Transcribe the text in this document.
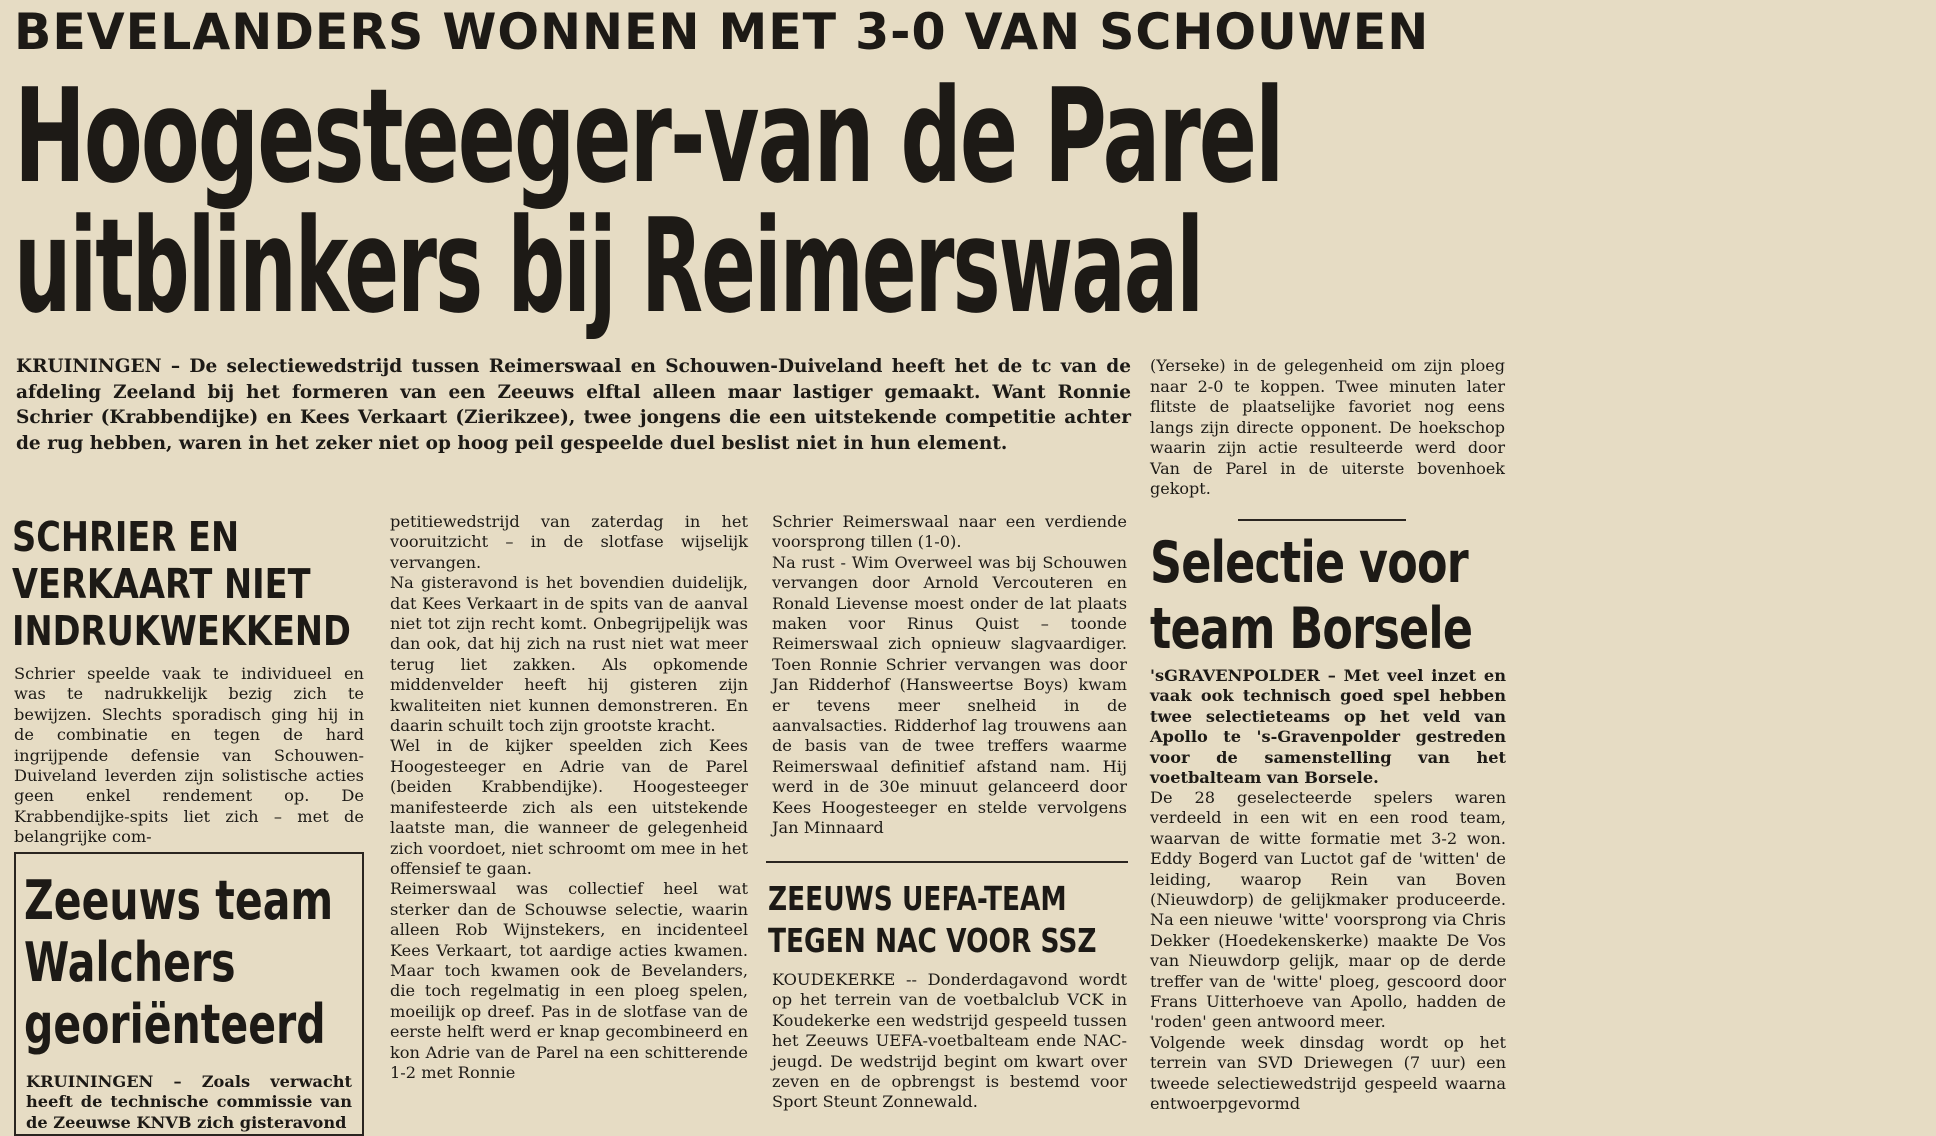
BEVELANDERS WONNEN MET 3-0 VAN SCHOUWEN
Hoogesteeger-van de Parel
uitblinkers bij Reimerswaal
KRUININGEN – De selectiewedstrijd tussen Reimerswaal en Schouwen-Duiveland heeft het de tc van de afdeling Zeeland bij het formeren van een Zeeuws elftal alleen maar lastiger gemaakt. Want Ronnie Schrier (Krabbendijke) en Kees Verkaart (Zierikzee), twee jongens die een uitstekende competitie achter de rug hebben, waren in het zeker niet op hoog peil gespeelde duel beslist niet in hun element.
(Yerseke) in de gelegenheid om zijn ploeg naar 2-0 te koppen. Twee minuten later flitste de plaatselijke favoriet nog eens langs zijn directe opponent. De hoekschop waarin zijn actie resulteerde werd door Van de Parel in de uiterste bovenhoek gekopt.
SCHRIER EN VERKAART NIET INDRUKWEKKEND
Schrier speelde vaak te individueel en was te nadrukkelijk bezig zich te bewijzen. Slechts sporadisch ging hij in de combinatie en tegen de hard ingrijpende defensie van Schouwen-Duiveland leverden zijn solistische acties geen enkel rendement op. De Krabbendijke-spits liet zich – met de belangrijke com-

petitiewedstrijd van zaterdag in het vooruitzicht – in de slotfase wijselijk vervangen.

Na gisteravond is het bovendien duidelijk, dat Kees Verkaart in de spits van de aanval niet tot zijn recht komt. Onbegrijpelijk was dan ook, dat hij zich na rust niet wat meer terug liet zakken. Als opkomende middenvelder heeft hij gisteren zijn kwaliteiten niet kunnen demonstreren. En daarin schuilt toch zijn grootste kracht.

Wel in de kijker speelden zich Kees Hoogesteeger en Adrie van de Parel (beiden Krabbendijke). Hoogesteeger manifesteerde zich als een uitstekende laatste man, die wanneer de gelegenheid zich voordoet, niet schroomt om mee in het offensief te gaan.

Reimerswaal was collectief heel wat sterker dan de Schouwse selectie, waarin alleen Rob Wijnstekers, en incidenteel Kees Verkaart, tot aardige acties kwamen. Maar toch kwamen ook de Bevelanders, die toch regelmatig in een ploeg spelen, moeilijk op dreef. Pas in de slotfase van de eerste helft werd er knap gecombineerd en kon Adrie van de Parel na een schitterende 1-2 met Ronnie

Schrier Reimerswaal naar een verdiende voorsprong tillen (1-0).

Na rust - Wim Overweel was bij Schouwen vervangen door Arnold Vercouteren en Ronald Lievense moest onder de lat plaats maken voor Rinus Quist – toonde Reimerswaal zich opnieuw slagvaardiger. Toen Ronnie Schrier vervangen was door Jan Ridderhof (Hansweertse Boys) kwam er tevens meer snelheid in de aanvalsacties. Ridderhof lag trouwens aan de basis van de twee treffers waarme Reimerswaal definitief afstand nam. Hij werd in de 30e minuut gelanceerd door Kees Hoogesteeger en stelde vervolgens Jan Minnaard

Zeeuws team Walchers georiënteerd
KRUININGEN – Zoals verwacht heeft de technische commissie van de Zeeuwse KNVB zich gisteravond
ZEEUWS UEFA-TEAM TEGEN NAC VOOR SSZ
KOUDEKERKE -- Donderdagavond wordt op het terrein van de voetbalclub VCK in Koudekerke een wedstrijd gespeeld tussen het Zeeuws UEFA-voetbalteam ende NAC-jeugd. De wedstrijd begint om kwart over zeven en de opbrengst is bestemd voor Sport Steunt Zonnewald.
Selectie voor team Borsele
'sGRAVENPOLDER – Met veel inzet en vaak ook technisch goed spel hebben twee selectieteams op het veld van Apollo te 's-Gravenpolder gestreden voor de samenstelling van het voetbalteam van Borsele.

De 28 geselecteerde spelers waren verdeeld in een wit en een rood team, waarvan de witte formatie met 3-2 won. Eddy Bogerd van Luctot gaf de 'witten' de leiding, waarop Rein van Boven (Nieuwdorp) de gelijkmaker produceerde. Na een nieuwe 'witte' voorsprong via Chris Dekker (Hoedekenskerke) maakte De Vos van Nieuwdorp gelijk, maar op de derde treffer van de 'witte' ploeg, gescoord door Frans Uitterhoeve van Apollo, hadden de 'roden' geen antwoord meer.

Volgende week dinsdag wordt op het terrein van SVD Driewegen (7 uur) een tweede selectiewedstrijd gespeeld waarna entwoerpgevormd
